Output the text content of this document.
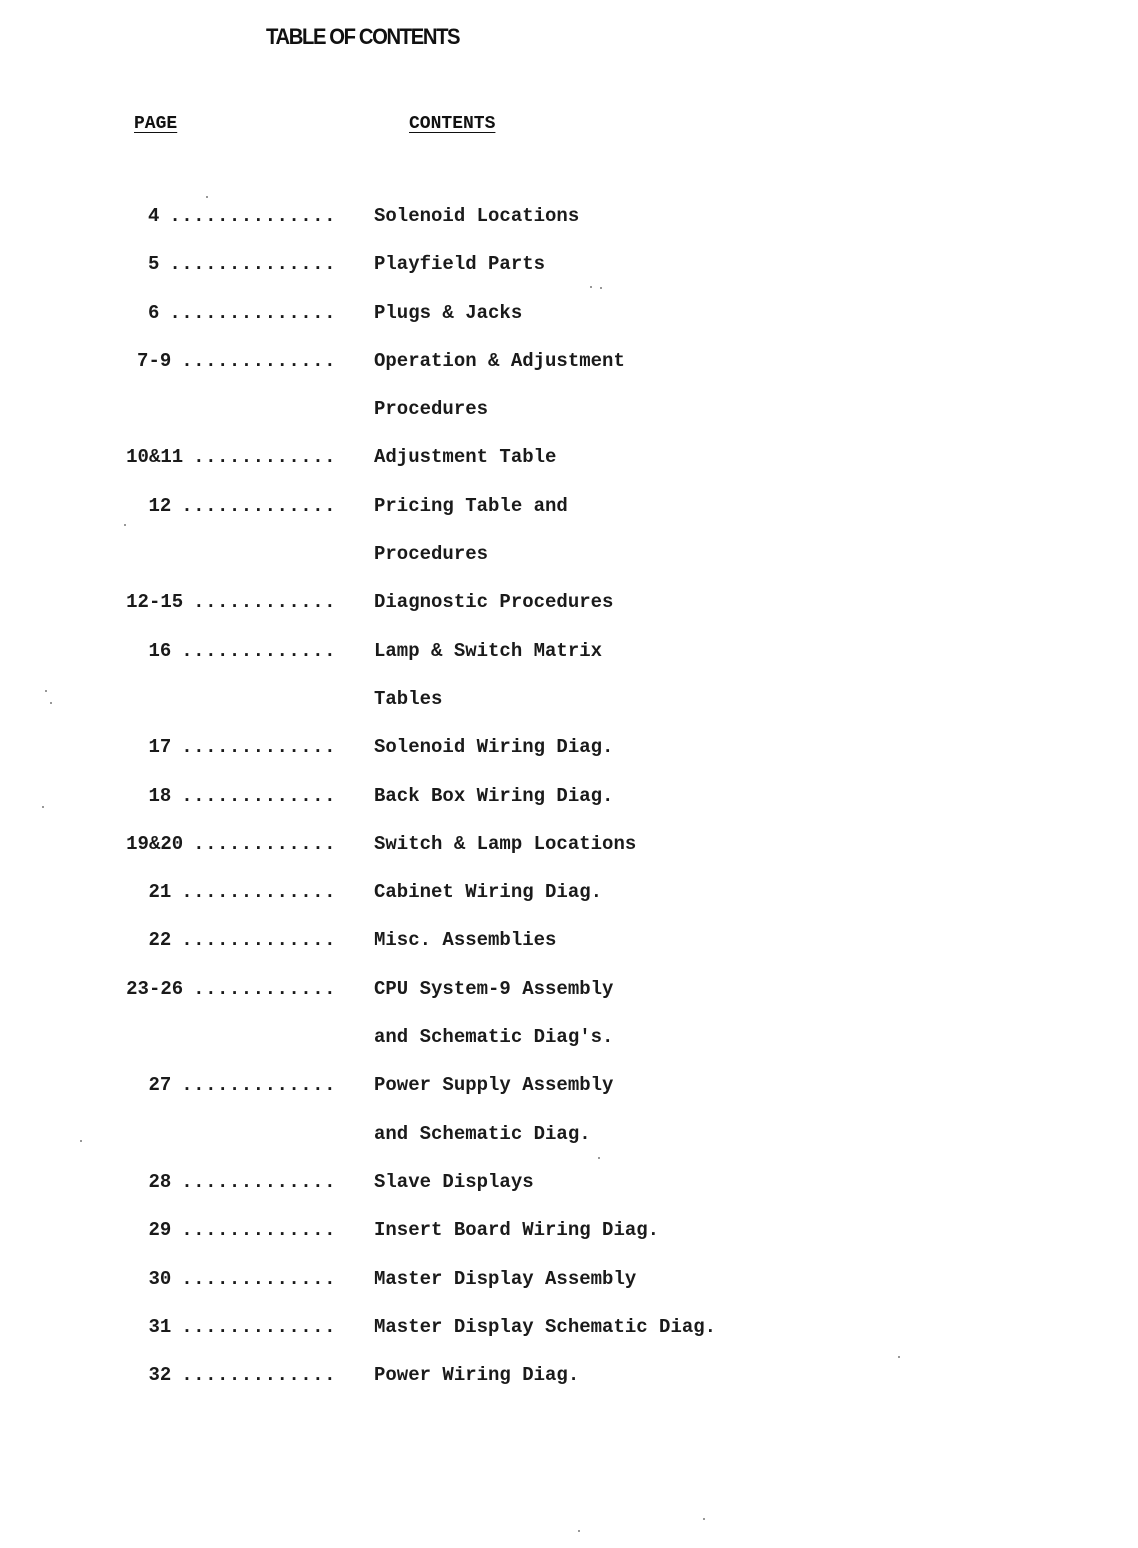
TABLE OF CONTENTS
PAGE	CONTENTS
4 .............. Solenoid Locations
5 .............. Playfield Parts
6 .............. Plugs & Jacks
7-9 ............. Operation & Adjustment
Procedures
10&11 ............ Adjustment Table
12 ............. Pricing Table and
Procedures
12-15 ............ Diagnostic Procedures
16 ............. Lamp & Switch Matrix
Tables
17 ............. Solenoid Wiring Diag.
18 ............. Back Box Wiring Diag.
19&20 ............ Switch & Lamp Locations
21 ............. Cabinet Wiring Diag.
22 ............. Misc. Assemblies
23-26 ............ CPU System-9 Assembly
and Schematic Diag's.
27 ............. Power Supply Assembly
and Schematic Diag.
28 ............. Slave Displays
29 ............. Insert Board Wiring Diag.
30 ............. Master Display Assembly
31 ............. Master Display Schematic Diag.
32 ............. Power Wiring Diag.
